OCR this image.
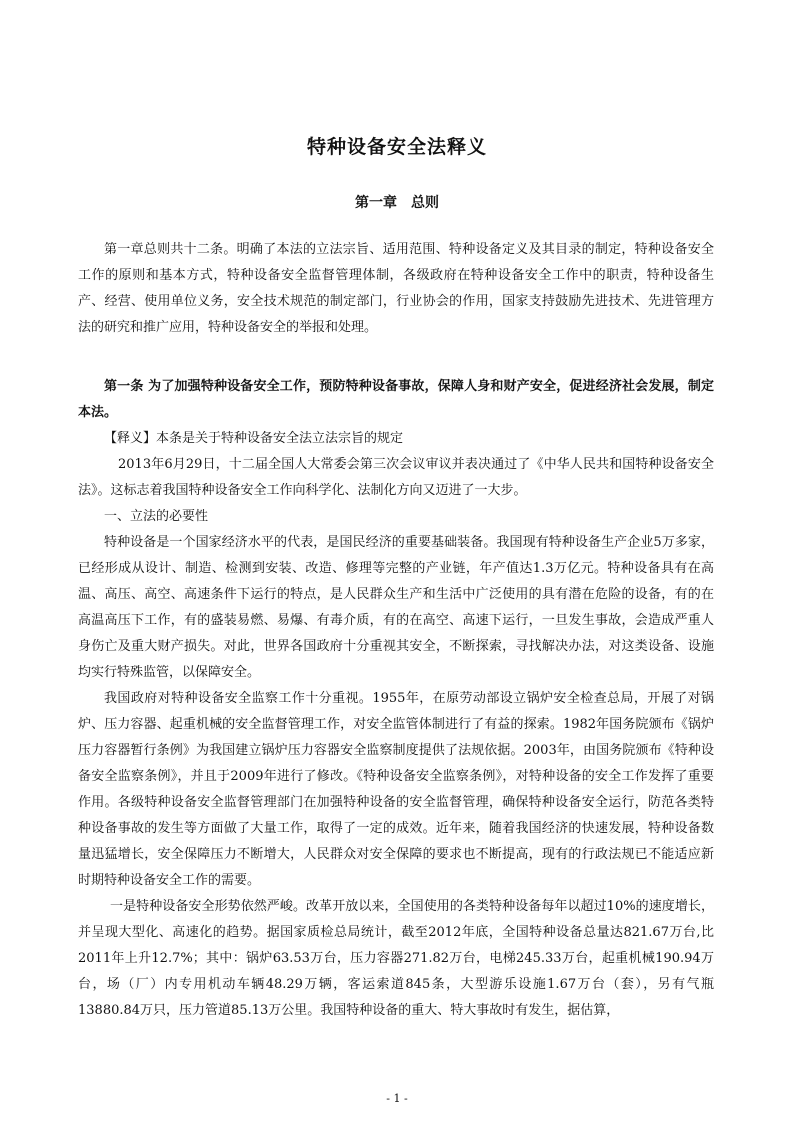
特种设备安全法释义
第一章　总则

第一章总则共十二条。明确了本法的立法宗旨、适用范围、特种设备定义及其目录的制定，特种设备安全工作的原则和基本方式，特种设备安全监督管理体制，各级政府在特种设备安全工作中的职责，特种设备生产、经营、使用单位义务，安全技术规范的制定部门，行业协会的作用，国家支持鼓励先进技术、先进管理方法的研究和推广应用，特种设备安全的举报和处理。

第一条 为了加强特种设备安全工作，预防特种设备事故，保障人身和财产安全，促进经济社会发展，制定本法。

【释义】本条是关于特种设备安全法立法宗旨的规定

2013年6月29日，十二届全国人大常委会第三次会议审议并表决通过了《中华人民共和国特种设备安全法》。这标志着我国特种设备安全工作向科学化、法制化方向又迈进了一大步。

一、立法的必要性

特种设备是一个国家经济水平的代表，是国民经济的重要基础装备。我国现有特种设备生产企业5万多家，已经形成从设计、制造、检测到安装、改造、修理等完整的产业链，年产值达1.3万亿元。特种设备具有在高温、高压、高空、高速条件下运行的特点，是人民群众生产和生活中广泛使用的具有潜在危险的设备，有的在高温高压下工作，有的盛装易燃、易爆、有毒介质，有的在高空、高速下运行，一旦发生事故，会造成严重人身伤亡及重大财产损失。对此，世界各国政府十分重视其安全，不断探索，寻找解决办法，对这类设备、设施均实行特殊监管，以保障安全。

我国政府对特种设备安全监察工作十分重视。1955年，在原劳动部设立锅炉安全检查总局，开展了对锅炉、压力容器、起重机械的安全监督管理工作，对安全监管体制进行了有益的探索。1982年国务院颁布《锅炉压力容器暂行条例》为我国建立锅炉压力容器安全监察制度提供了法规依据。2003年，由国务院颁布《特种设备安全监察条例》，并且于2009年进行了修改。《特种设备安全监察条例》，对特种设备的安全工作发挥了重要作用。各级特种设备安全监督管理部门在加强特种设备的安全监督管理，确保特种设备安全运行，防范各类特种设备事故的发生等方面做了大量工作，取得了一定的成效。近年来，随着我国经济的快速发展，特种设备数量迅猛增长，安全保障压力不断增大，人民群众对安全保障的要求也不断提高，现有的行政法规已不能适应新时期特种设备安全工作的需要。

一是特种设备安全形势依然严峻。改革开放以来，全国使用的各类特种设备每年以超过10%的速度增长，并呈现大型化、高速化的趋势。据国家质检总局统计，截至2012年底，全国特种设备总量达821.67万台,比2011年上升12.7%；其中：锅炉63.53万台，压力容器271.82万台，电梯245.33万台，起重机械190.94万台，场（厂）内专用机动车辆48.29万辆，客运索道845条，大型游乐设施1.67万台（套），另有气瓶13880.84万只，压力管道85.13万公里。我国特种设备的重大、特大事故时有发生，据估算，

- 1 -
